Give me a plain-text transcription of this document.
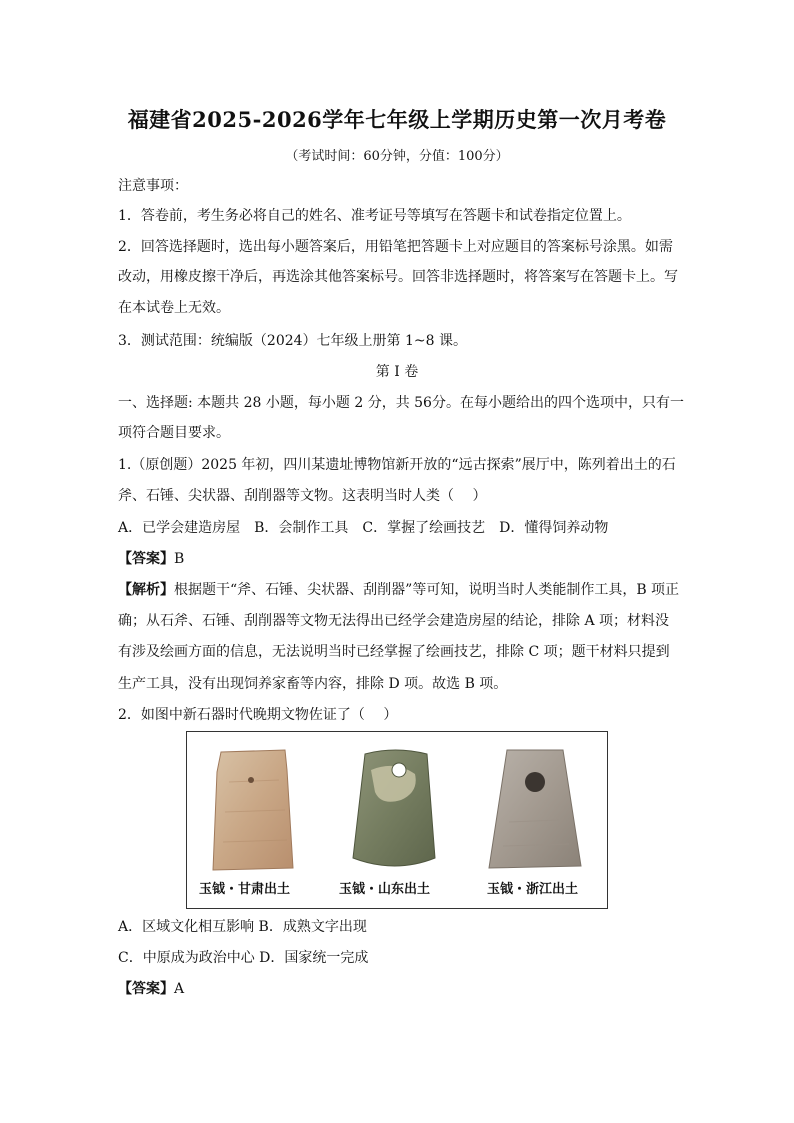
福建省2025-2026学年七年级上学期历史第一次月考卷
（考试时间：60分钟，分值：100分）
注意事项：
1．答卷前，考生务必将自己的姓名、准考证号等填写在答题卡和试卷指定位置上。
2．回答选择题时，选出每小题答案后，用铅笔把答题卡上对应题目的答案标号涂黑。如需
改动，用橡皮擦干净后，再选涂其他答案标号。回答非选择题时，将答案写在答题卡上。写
在本试卷上无效。
3．测试范围：统编版（2024）七年级上册第 1~8 课。
第 I 卷
一、选择题: 本题共 28 小题，每小题 2 分，共 56分。在每小题给出的四个选项中，只有一
项符合题目要求。
1.（原创题）2025 年初，四川某遗址博物馆新开放的“远古探索”展厅中，陈列着出土的石
斧、石锤、尖状器、刮削器等文物。这表明当时人类（　 ）
A．已学会建造房屋　B．会制作工具　C．掌握了绘画技艺　D．懂得饲养动物
【答案】B
【解析】根据题干“斧、石锤、尖状器、刮削器”等可知，说明当时人类能制作工具，B 项正
确；从石斧、石锤、刮削器等文物无法得出已经学会建造房屋的结论，排除 A 项；材料没
有涉及绘画方面的信息，无法说明当时已经掌握了绘画技艺，排除 C 项；题干材料只提到
生产工具，没有出现饲养家畜等内容，排除 D 项。故选 B 项。
2．如图中新石器时代晚期文物佐证了（　 ）
玉钺・甘肃出土	玉钺・山东出土	玉钺・浙江出土
A．区域文化相互影响 B．成熟文字出现
C．中原成为政治中心 D．国家统一完成
【答案】A
